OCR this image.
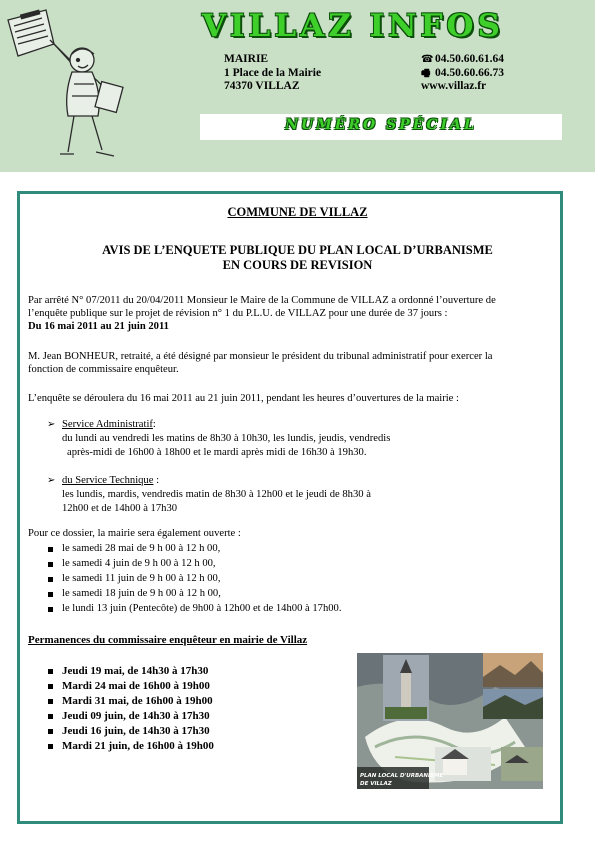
VILLAZ INFOS
MAIRIE
1 Place de la Mairie
74370 VILLAZ
☎ 04.50.60.61.64
🖷 04.50.60.66.73
www.villaz.fr
NUMÉRO SPÉCIAL
COMMUNE DE VILLAZ
AVIS DE L’ENQUETE PUBLIQUE DU PLAN LOCAL D’URBANISME
EN COURS DE REVISION
Par arrêté N° 07/2011 du 20/04/2011 Monsieur le Maire de la Commune de VILLAZ a ordonné l’ouverture de
l’enquête publique sur le projet de révision n° 1 du P.L.U. de VILLAZ pour une durée de 37 jours :
Du 16 mai 2011 au 21 juin 2011
M. Jean BONHEUR, retraité, a été désigné par monsieur le président du tribunal administratif pour exercer la
fonction de commissaire enquêteur.
L’enquête se déroulera du 16 mai 2011 au 21 juin 2011, pendant les heures d’ouvertures de la mairie :
➢ Service Administratif:
du lundi au vendredi les matins de 8h30 à 10h30, les lundis, jeudis, vendredis
après-midi de 16h00 à 18h00 et le mardi après midi de 16h30 à 19h30.
➢ du Service Technique :
les lundis, mardis, vendredis matin de 8h30 à 12h00 et le jeudi de 8h30 à
12h00 et de 14h00 à 17h30
Pour ce dossier, la mairie sera également ouverte :
le samedi 28 mai de 9 h 00 à 12 h 00,
le samedi 4 juin de 9 h 00 à 12 h 00,
le samedi 11 juin de 9 h 00 à 12 h 00,
le samedi 18 juin de 9 h 00 à 12 h 00,
le lundi 13 juin (Pentecôte) de 9h00 à 12h00 et de 14h00 à 17h00.
Permanences du commissaire enquêteur en mairie de Villaz
Jeudi 19 mai, de 14h30 à 17h30
Mardi 24 mai de 16h00 à 19h00
Mardi 31 mai, de 16h00 à 19h00
Jeudi 09 juin, de 14h30 à 17h30
Jeudi 16 juin, de 14h30 à 17h30
Mardi 21 juin, de 16h00 à 19h00
PLAN LOCAL D'URBANISME
DE VILLAZ
